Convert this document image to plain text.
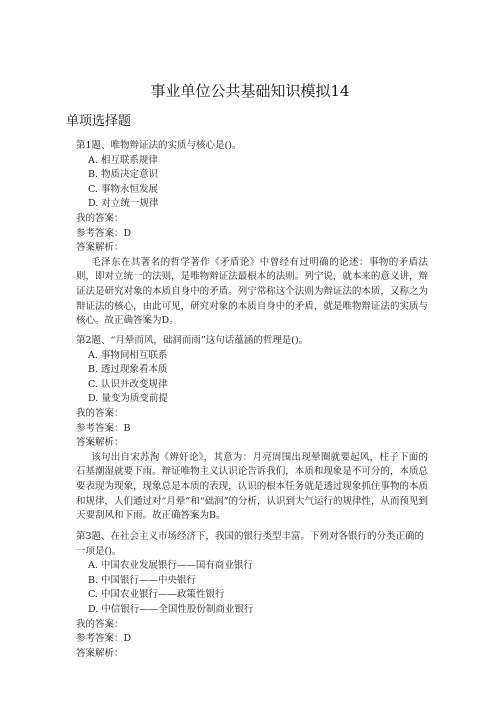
事业单位公共基础知识模拟14
单项选择题
第1题、唯物辩证法的实质与核心是()。
A. 相互联系规律
B. 物质决定意识
C. 事物永恒发展
D. 对立统一规律
我的答案：
参考答案：D
答案解析：
毛泽东在其著名的哲学著作《矛盾论》中曾经有过明确的论述：事物的矛盾法则，即对立统一的法则，是唯物辩证法最根本的法则。列宁说，就本来的意义讲，辩证法是研究对象的本质自身中的矛盾。列宁常称这个法则为辩证法的本质，又称之为辩证法的核心，由此可见，研究对象的本质自身中的矛盾，就是唯物辩证法的实质与核心。故正确答案为D。
第2题、“月晕而风，础润而雨”这句话蕴涵的哲理是()。
A. 事物间相互联系
B. 透过现象看本质
C. 认识并改变规律
D. 量变为质变前提
我的答案：
参考答案：B
答案解析：
该句出自宋苏洵《辨奸论》，其意为：月亮周围出现晕圈就要起风，柱子下面的石基潮湿就要下雨。辩证唯物主义认识论告诉我们，本质和现象是不可分的，本质总要表现为现象，现象总是本质的表现，认识的根本任务就是透过现象抓住事物的本质和规律，人们通过对“月晕”和“础润”的分析，认识到大气运行的规律性，从而预见到天要刮风和下雨。故正确答案为B。
第3题、在社会主义市场经济下，我国的银行类型丰富。下列对各银行的分类正确的一项是()。
A. 中国农业发展银行——国有商业银行
B. 中国银行——中央银行
C. 中国农业银行——政策性银行
D. 中信银行——全国性股份制商业银行
我的答案：
参考答案：D
答案解析：
